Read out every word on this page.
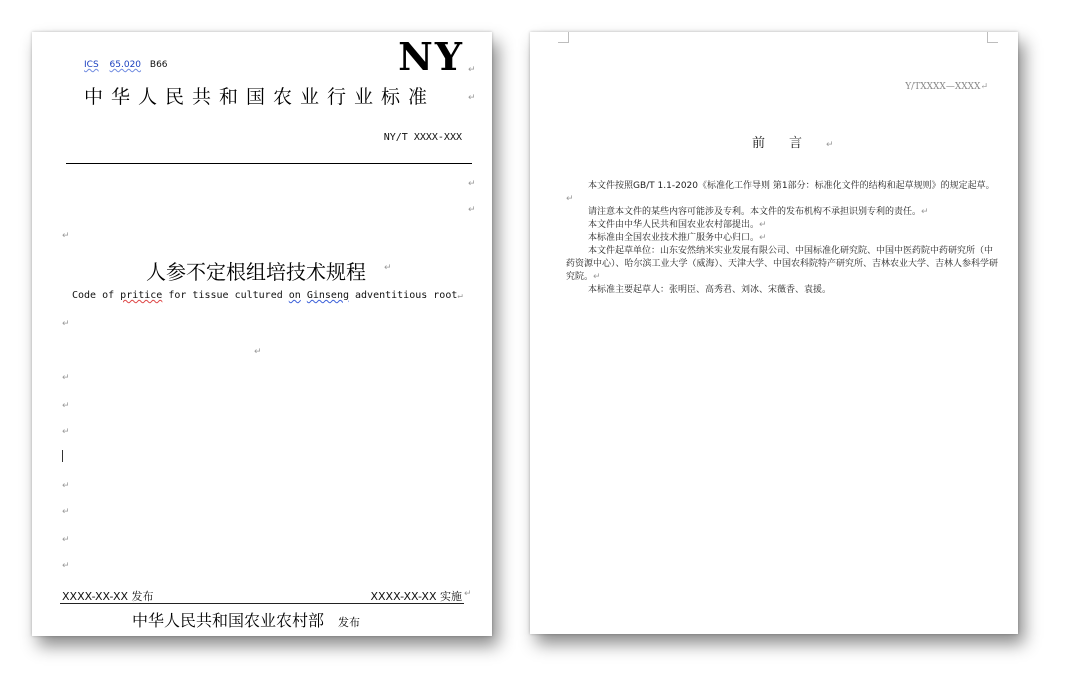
ICS 65.020 B66	NY ↵
中华人民共和国农业行业标准	↵
NY/T XXXX-XXX
↵
↵
↵
人参不定根组培技术规程 ↵
Code of pritice for tissue cultured on Ginseng adventitious root↵
↵
↵
↵
↵
↵
↵
↵
↵
↵
XXXX-XX-XX 发布	XXXX-XX-XX 实施 ↵
中华人民共和国农业农村部 发布
Y/TXXXX—XXXX↵
前言↵

本文件按照GB/T 1.1-2020《标准化工作导则 第1部分：标准化文件的结构和起草规则》的规定起草。↵

请注意本文件的某些内容可能涉及专利。本文件的发布机构不承担识别专利的责任。↵

本文件由中华人民共和国农业农村部提出。↵

本标准由全国农业技术推广服务中心归口。↵

本文件起草单位：山东安然纳米实业发展有限公司、中国标准化研究院、中国中医药院中药研究所（中药资源中心）、哈尔滨工业大学（威海）、天津大学、中国农科院特产研究所、吉林农业大学、吉林人参科学研究院。↵

本标准主要起草人：张明臣、高秀君、刘冰、宋薇香、袁援。
